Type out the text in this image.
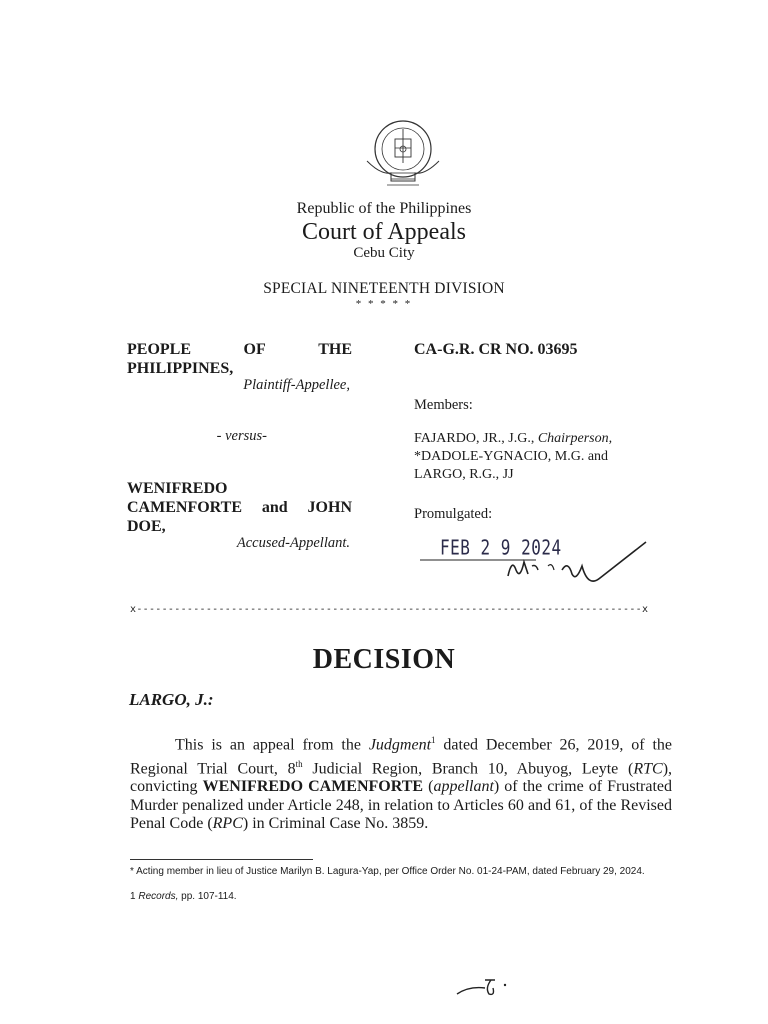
Republic of the Philippines
Court of Appeals
Cebu City
SPECIAL NINETEENTH DIVISION
* * * * *
PEOPLE	OF	THE
PHILIPPINES,
Plaintiff-Appellee,
- versus-
WENIFREDO
CAMENFORTE and JOHN
DOE,
Accused-Appellant.
CA-G.R. CR NO. 03695
Members:
FAJARDO, JR., J.G., Chairperson,
*DADOLE-YGNACIO, M.G. and
LARGO, R.G., JJ
Promulgated:
FEB 2 9 2024
x--------------------------------------------------------------------------------x
DECISION
LARGO, J.:
This is an appeal from the Judgment$^1$ dated December 26, 2019, of the Regional Trial Court, 8th Judicial Region, Branch 10, Abuyog, Leyte (RTC), convicting WENIFREDO CAMENFORTE (appellant) of the crime of Frustrated Murder penalized under Article 248, in relation to Articles 60 and 61, of the Revised Penal Code (RPC) in Criminal Case No. 3859.
* Acting member in lieu of Justice Marilyn B. Lagura-Yap, per Office Order No. 01-24-PAM, dated February 29, 2024.
1 Records, pp. 107-114.
